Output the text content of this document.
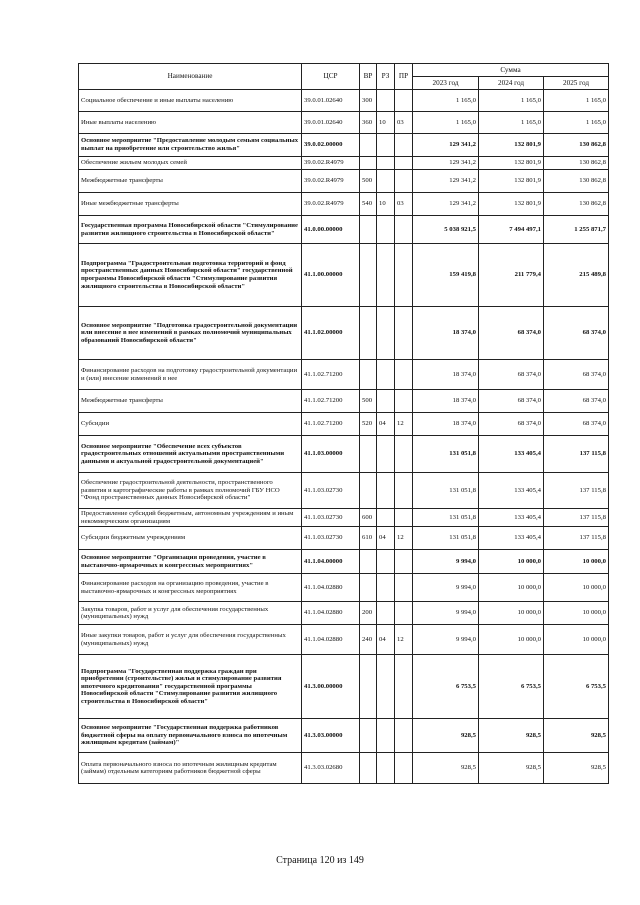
Наименование	ЦСР	ВР	РЗ	ПР	Сумма		
					2023 год	2024 год	2025 год
Социальное обеспечение и иные выплаты населению	39.0.01.02640	300			1 165,0	1 165,0	1 165,0
Иные выплаты населению	39.0.01.02640	360	10	03	1 165,0	1 165,0	1 165,0
Основное мероприятие "Предоставление молодым семьям социальных выплат на приобретение или строительство жилья"	39.0.02.00000				129 341,2	132 801,9	130 862,8
Обеспечение жильем молодых семей	39.0.02.R4979				129 341,2	132 801,9	130 862,8
Межбюджетные трансферты	39.0.02.R4979	500			129 341,2	132 801,9	130 862,8
Иные межбюджетные трансферты	39.0.02.R4979	540	10	03	129 341,2	132 801,9	130 862,8
Государственная программа Новосибирской области "Стимулирование развития жилищного строительства в Новосибирской области"	41.0.00.00000				5 038 921,5	7 494 497,1	1 255 871,7
Подпрограмма "Градостроительная подготовка территорий и фонд пространственных данных Новосибирской области" государственной программы Новосибирской области "Стимулирование развития жилищного строительства в Новосибирской области"	41.1.00.00000				159 419,8	211 779,4	215 489,8
Основное мероприятие "Подготовка градостроительной документации или внесение в нее изменений в рамках полномочий муниципальных образований Новосибирской области"	41.1.02.00000				18 374,0	68 374,0	68 374,0
Финансирование расходов на подготовку градостроительной документации и (или) внесение изменений в нее	41.1.02.71200				18 374,0	68 374,0	68 374,0
Межбюджетные трансферты	41.1.02.71200	500			18 374,0	68 374,0	68 374,0
Субсидии	41.1.02.71200	520	04	12	18 374,0	68 374,0	68 374,0
Основное мероприятие "Обеспечение всех субъектов градостроительных отношений актуальными пространственными данными и актуальной градостроительной документацией"	41.1.03.00000				131 051,8	133 405,4	137 115,8
Обеспечение градостроительной деятельности, пространственного развития и картографические работы в рамках полномочий ГБУ НСО "Фонд пространственных данных Новосибирской области"	41.1.03.02730				131 051,8	133 405,4	137 115,8
Предоставление субсидий бюджетным, автономным учреждениям и иным некоммерческим организациям	41.1.03.02730	600			131 051,8	133 405,4	137 115,8
Субсидии бюджетным учреждениям	41.1.03.02730	610	04	12	131 051,8	133 405,4	137 115,8
Основное мероприятие "Организация проведения, участие в выставочно-ярмарочных и конгрессных мероприятиях"	41.1.04.00000				9 994,0	10 000,0	10 000,0
Финансирование расходов на организацию проведения, участие в выставочно-ярмарочных и конгрессных мероприятиях	41.1.04.02880				9 994,0	10 000,0	10 000,0
Закупка товаров, работ и услуг для обеспечения государственных (муниципальных) нужд	41.1.04.02880	200			9 994,0	10 000,0	10 000,0
Иные закупки товаров, работ и услуг для обеспечения государственных (муниципальных) нужд	41.1.04.02880	240	04	12	9 994,0	10 000,0	10 000,0
Подпрограмма "Государственная поддержка граждан при приобретении (строительстве) жилья и стимулирование развития ипотечного кредитования" государственной программы Новосибирской области "Стимулирование развития жилищного строительства в Новосибирской области"	41.3.00.00000				6 753,5	6 753,5	6 753,5
Основное мероприятие "Государственная поддержка работников бюджетной сферы на оплату первоначального взноса по ипотечным жилищным кредитам (займам)"	41.3.03.00000				928,5	928,5	928,5
Оплата первоначального взноса по ипотечным жилищным кредитам (займам) отдельным категориям работников бюджетной сферы	41.3.03.02680				928,5	928,5	928,5
Страница 120 из 149
